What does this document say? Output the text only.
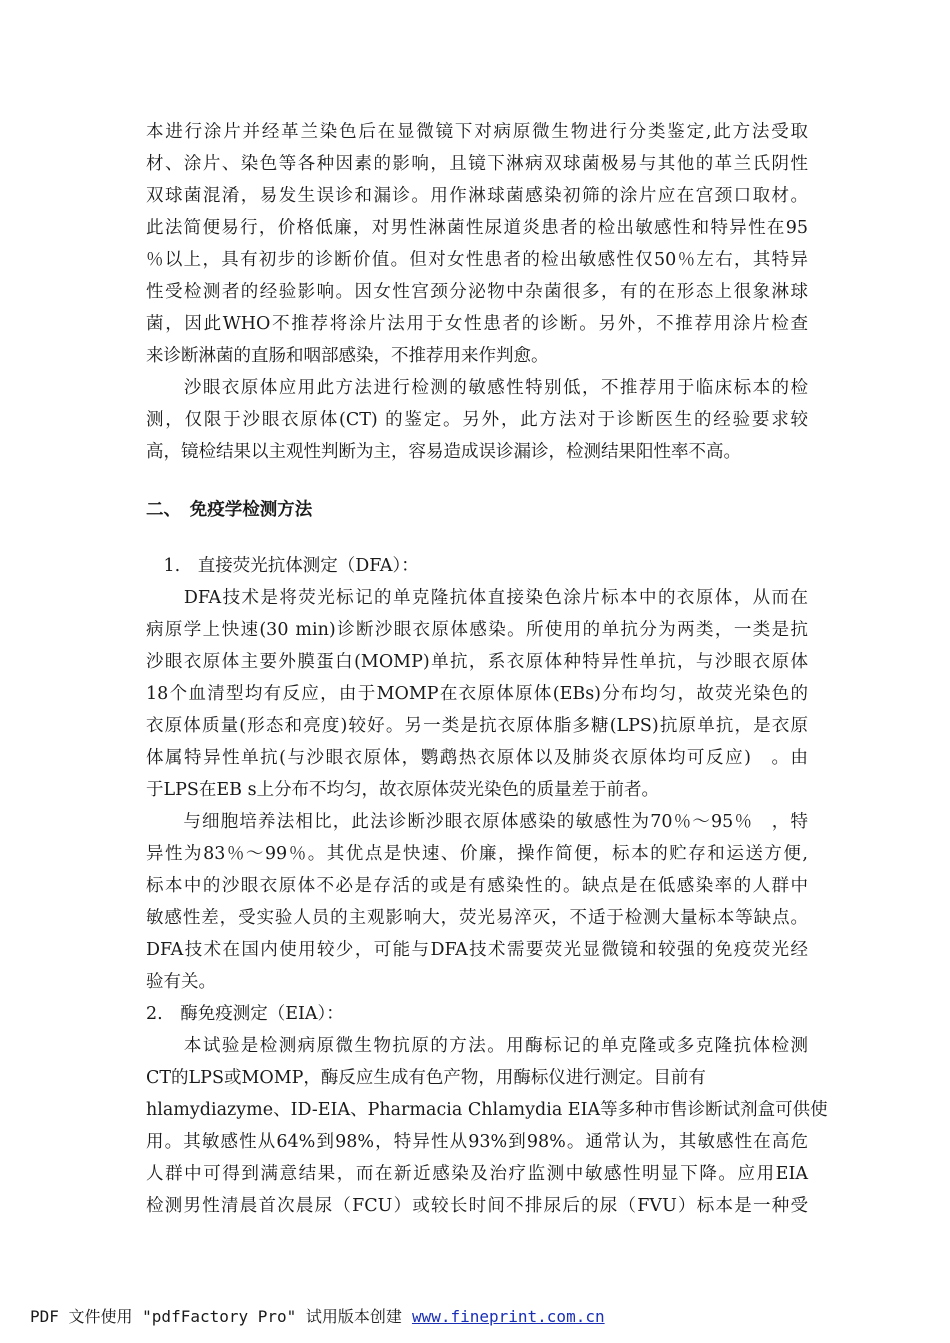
本进行涂片并经革兰染色后在显微镜下对病原微生物进行分类鉴定,此方法受取
材、涂片、染色等各种因素的影响，且镜下淋病双球菌极易与其他的革兰氏阴性
双球菌混淆，易发生误诊和漏诊。用作淋球菌感染初筛的涂片应在宫颈口取材。
此法简便易行，价格低廉，对男性淋菌性尿道炎患者的检出敏感性和特异性在95
％以上，具有初步的诊断价值。但对女性患者的检出敏感性仅50％左右，其特异
性受检测者的经验影响。因女性宫颈分泌物中杂菌很多，有的在形态上很象淋球
菌，因此WHO不推荐将涂片法用于女性患者的诊断。另外，不推荐用涂片检查
来诊断淋菌的直肠和咽部感染，不推荐用来作判愈。
　　沙眼衣原体应用此方法进行检测的敏感性特别低，不推荐用于临床标本的检
测，仅限于沙眼衣原体(CT) 的鉴定。另外，此方法对于诊断医生的经验要求较
高，镜检结果以主观性判断为主，容易造成误诊漏诊，检测结果阳性率不高。
二、　免疫学检测方法
　1.　直接荧光抗体测定（DFA）：
　　DFA技术是将荧光标记的单克隆抗体直接染色涂片标本中的衣原体，从而在
病原学上快速(30 min)诊断沙眼衣原体感染。所使用的单抗分为两类，一类是抗
沙眼衣原体主要外膜蛋白(MOMP)单抗，系衣原体种特异性单抗，与沙眼衣原体
18个血清型均有反应，由于MOMP在衣原体原体(EBs)分布均匀，故荧光染色的
衣原体质量(形态和亮度)较好。另一类是抗衣原体脂多糖(LPS)抗原单抗，是衣原
体属特异性单抗(与沙眼衣原体，鹦鹉热衣原体以及肺炎衣原体均可反应)　。由
于LPS在EB s上分布不均匀，故衣原体荧光染色的质量差于前者。
　　与细胞培养法相比，此法诊断沙眼衣原体感染的敏感性为70％～95％　，特
异性为83％～99％。其优点是快速、价廉，操作简便，标本的贮存和运送方便,
标本中的沙眼衣原体不必是存活的或是有感染性的。缺点是在低感染率的人群中
敏感性差，受实验人员的主观影响大，荧光易淬灭，不适于检测大量标本等缺点。
DFA技术在国内使用较少，可能与DFA技术需要荧光显微镜和较强的免疫荧光经
验有关。
2.　酶免疫测定（EIA）：
　　本试验是检测病原微生物抗原的方法。用酶标记的单克隆或多克隆抗体检测
CT的LPS或MOMP，酶反应生成有色产物，用酶标仪进行测定。目前有
hlamydiazyme、ID-EIA、Pharmacia Chlamydia EIA等多种市售诊断试剂盒可供使
用。其敏感性从64%到98%，特异性从93%到98%。通常认为，其敏感性在高危
人群中可得到满意结果，而在新近感染及治疗监测中敏感性明显下降。应用EIA
检测男性清晨首次晨尿（FCU）或较长时间不排尿后的尿（FVU）标本是一种受
PDF 文件使用 "pdfFactory Pro" 试用版本创建 www.fineprint.com.cn
